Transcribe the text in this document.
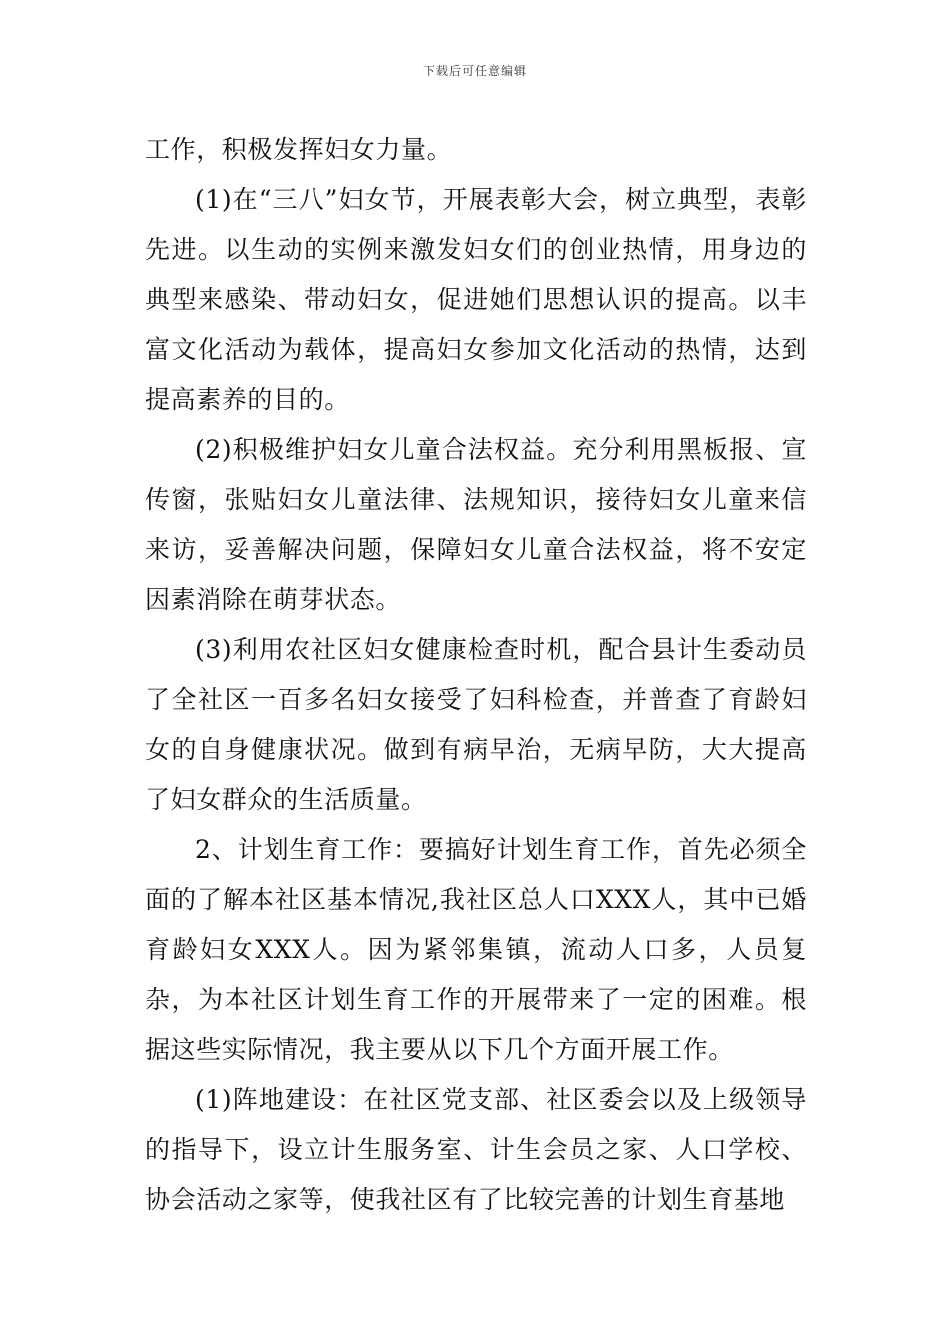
下载后可任意编辑

工作，积极发挥妇女力量。

(1)在“三八”妇女节，开展表彰大会，树立典型，表彰先进。以生动的实例来激发妇女们的创业热情，用身边的典型来感染、带动妇女，促进她们思想认识的提高。以丰富文化活动为载体，提高妇女参加文化活动的热情，达到提高素养的目的。

(2)积极维护妇女儿童合法权益。充分利用黑板报、宣传窗，张贴妇女儿童法律、法规知识，接待妇女儿童来信来访，妥善解决问题，保障妇女儿童合法权益，将不安定因素消除在萌芽状态。

(3)利用农社区妇女健康检查时机，配合县计生委动员了全社区一百多名妇女接受了妇科检查，并普查了育龄妇女的自身健康状况。做到有病早治，无病早防，大大提高了妇女群众的生活质量。

2、计划生育工作：要搞好计划生育工作，首先必须全面的了解本社区基本情况,我社区总人口XXX人，其中已婚育龄妇女XXX人。因为紧邻集镇，流动人口多，人员复杂，为本社区计划生育工作的开展带来了一定的困难。根据这些实际情况，我主要从以下几个方面开展工作。

(1)阵地建设：在社区党支部、社区委会以及上级领导的指导下，设立计生服务室、计生会员之家、人口学校、协会活动之家等，使我社区有了比较完善的计划生育基地
